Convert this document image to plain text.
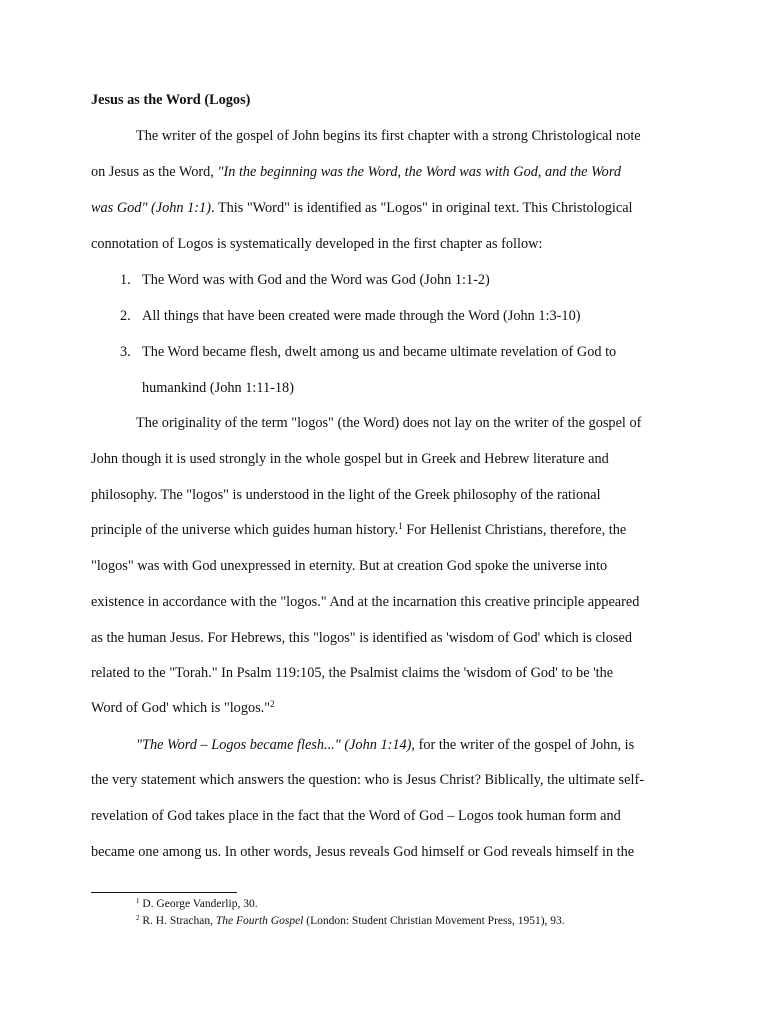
Jesus as the Word (Logos)
The writer of the gospel of John begins its first chapter with a strong Christological note
on Jesus as the Word, "In the beginning was the Word, the Word was with God, and the Word
was God" (John 1:1). This "Word" is identified as "Logos" in original text. This Christological
connotation of Logos is systematically developed in the first chapter as follow:
1. The Word was with God and the Word was God (John 1:1-2)
2. All things that have been created were made through the Word (John 1:3-10)
3. The Word became flesh, dwelt among us and became ultimate revelation of God to
humankind (John 1:11-18)
The originality of the term "logos" (the Word) does not lay on the writer of the gospel of
John though it is used strongly in the whole gospel but in Greek and Hebrew literature and
philosophy. The "logos" is understood in the light of the Greek philosophy of the rational
principle of the universe which guides human history.$^1$ For Hellenist Christians, therefore, the
"logos" was with God unexpressed in eternity. But at creation God spoke the universe into
existence in accordance with the "logos." And at the incarnation this creative principle appeared
as the human Jesus. For Hebrews, this "logos" is identified as 'wisdom of God' which is closed
related to the "Torah." In Psalm 119:105, the Psalmist claims the 'wisdom of God' to be 'the
Word of God' which is "logos."$^2$
"The Word – Logos became flesh..." (John 1:14), for the writer of the gospel of John, is
the very statement which answers the question: who is Jesus Christ? Biblically, the ultimate self-
revelation of God takes place in the fact that the Word of God – Logos took human form and
became one among us. In other words, Jesus reveals God himself or God reveals himself in the
$^1$ D. George Vanderlip, 30.
$^2$ R. H. Strachan, The Fourth Gospel (London: Student Christian Movement Press, 1951), 93.
